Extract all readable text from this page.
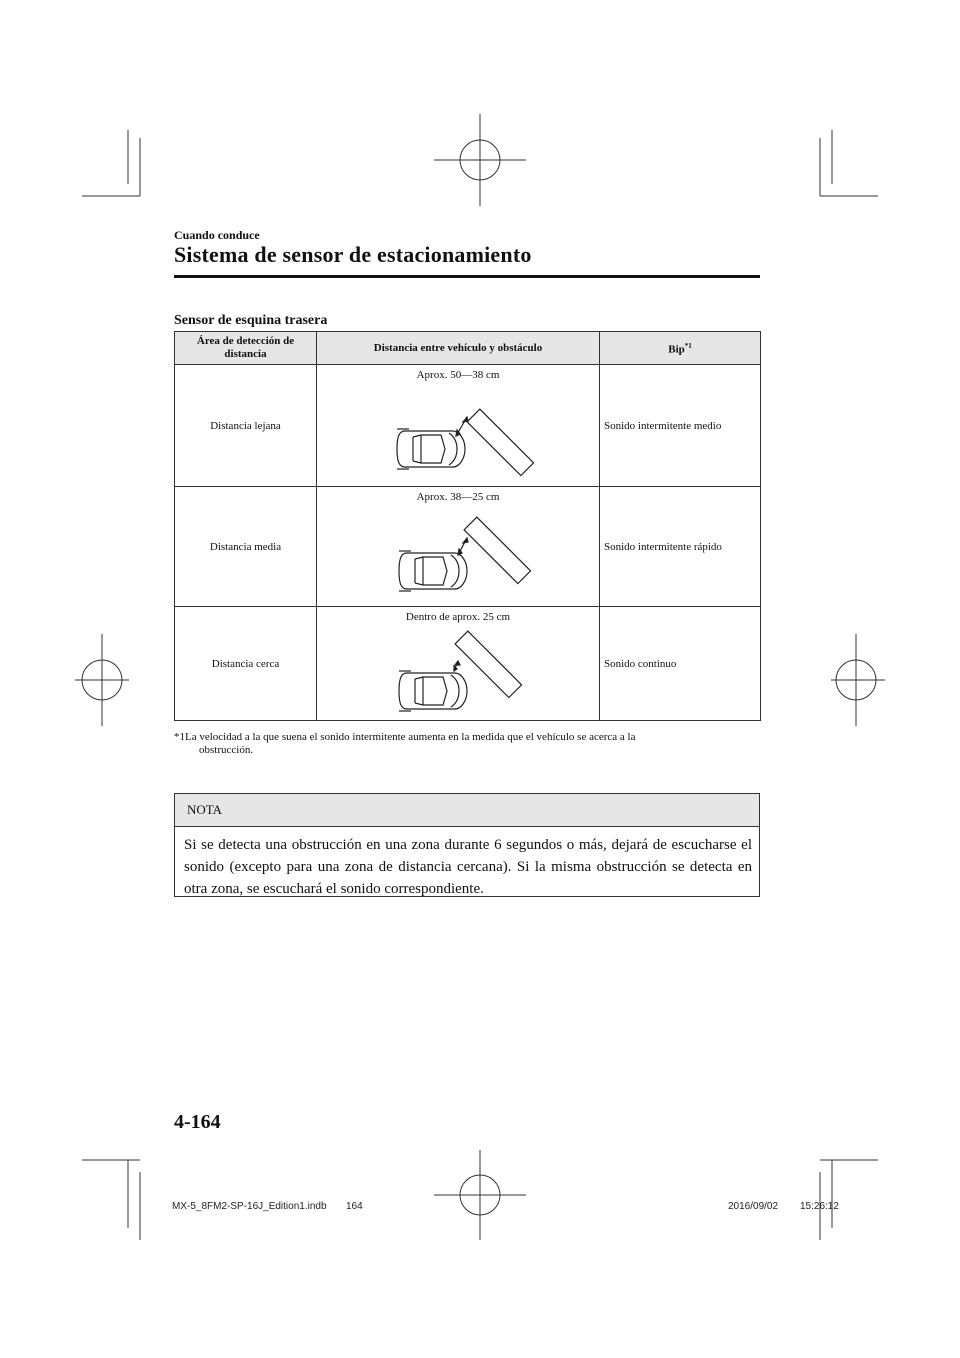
Cuando conduce
Sistema de sensor de estacionamiento
Sensor de esquina trasera
Área de detección de distancia	Distancia entre vehículo y obstáculo	Bip$^{*1}$
Distancia lejana	Aprox. 50—38 cm	Sonido intermitente medio
Distancia media	Aprox. 38—25 cm	Sonido intermitente rápido
Distancia cerca	Dentro de aprox. 25 cm	Sonido continuo
*1 La velocidad a la que suena el sonido intermitente aumenta en la medida que el vehículo se acerca a la
obstrucción.
NOTA
Si se detecta una obstrucción en una zona durante 6 segundos o más, dejará de escucharse el sonido (excepto para una zona de distancia cercana). Si la misma obstrucción se detecta en otra zona, se escuchará el sonido correspondiente.
4-164
MX-5_8FM2-SP-16J_Edition1.indb 164	2016/09/02 15:26:12
